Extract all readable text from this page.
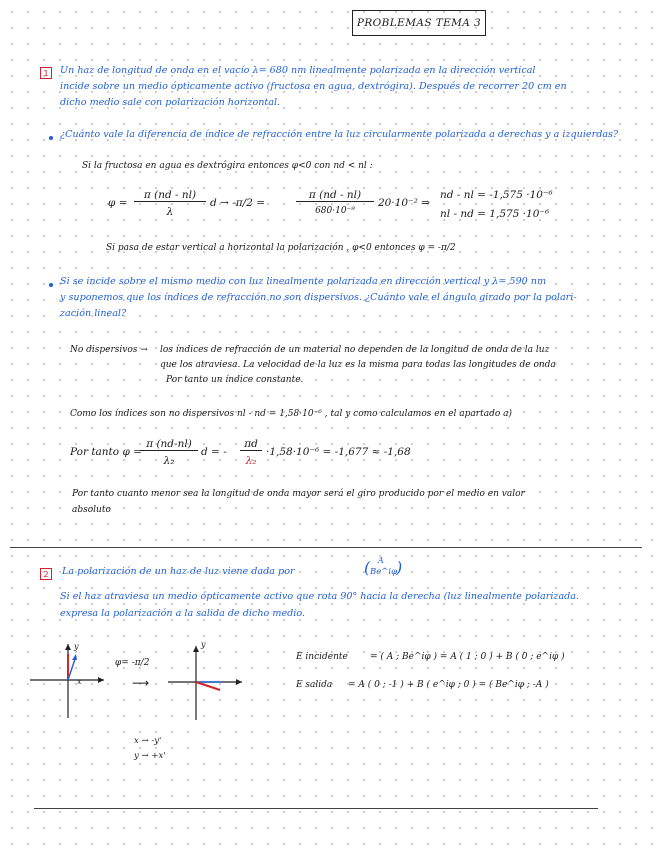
PROBLEMAS TEMA 3
1	Un haz de longitud de onda en el vacío λ= 680 nm linealmente polarizada en la dirección vertical
incide sobre un medio ópticamente activo (fructosa en agua, dextrógira). Después de recorrer 20 cm en
dicho medio sale con polarización horizontal.
¿Cuánto vale la diferencia de índice de refracción entre la luz circularmente polarizada a derechas y a izquierdas?
Si la fructosa en agua es dextrógira entonces φ<0 con nd < nl :
φ =
π (nd - nl)
λ
d → -π/2 =
π (nd - nl)
680·10⁻⁹
20·10⁻² ⇒
nd - nl = -1,575 ·10⁻⁶
nl - nd = 1,575 ·10⁻⁶
Si pasa de estar vertical a horizontal la polarización , φ<0 entonces φ = -π/2
Si se incide sobre el mismo medio con luz linealmente polarizada en dirección vertical y λ= 590 nm
y suponemos que los índices de refracción no son dispersivos. ¿Cuánto vale el ángulo girado por la polari-
zación lineal?
No dispersivos → los índices de refracción de un material no dependen de la longitud de onda de la luz
que los atraviesa. La velocidad de la luz es la misma para todas las longitudes de onda
Por tanto un índice constante.
Como los índices son no dispersivos nl - nd = 1,58·10⁻⁶ , tal y como calculamos en el apartado a)
Por tanto φ =
π (nd-nl)
λ₂
d = -
πd
λ₂
·1,58·10⁻⁶ = -1,677 ≈ -1,68
Por tanto cuanto menor sea la longitud de onda mayor será el giro producido por el medio en valor
absoluto
2	La polarización de un haz de luz viene dada por	( A
Be^iφ
)
Si el haz atraviesa un medio ópticamente activo que rota 90° hacia la derecha (luz linealmente polarizada.
expresa la polarización a la salida de dicho medio.
x
y
φ= -π/2
⟶
y
x → -y'
y → +x'
E incidente = ( A ; Be^iφ ) = A ( 1 ; 0 ) + B ( 0 ; e^iφ )
E salida = A ( 0 ; -1 ) + B ( e^iφ ; 0 ) = ( Be^iφ ; -A )
